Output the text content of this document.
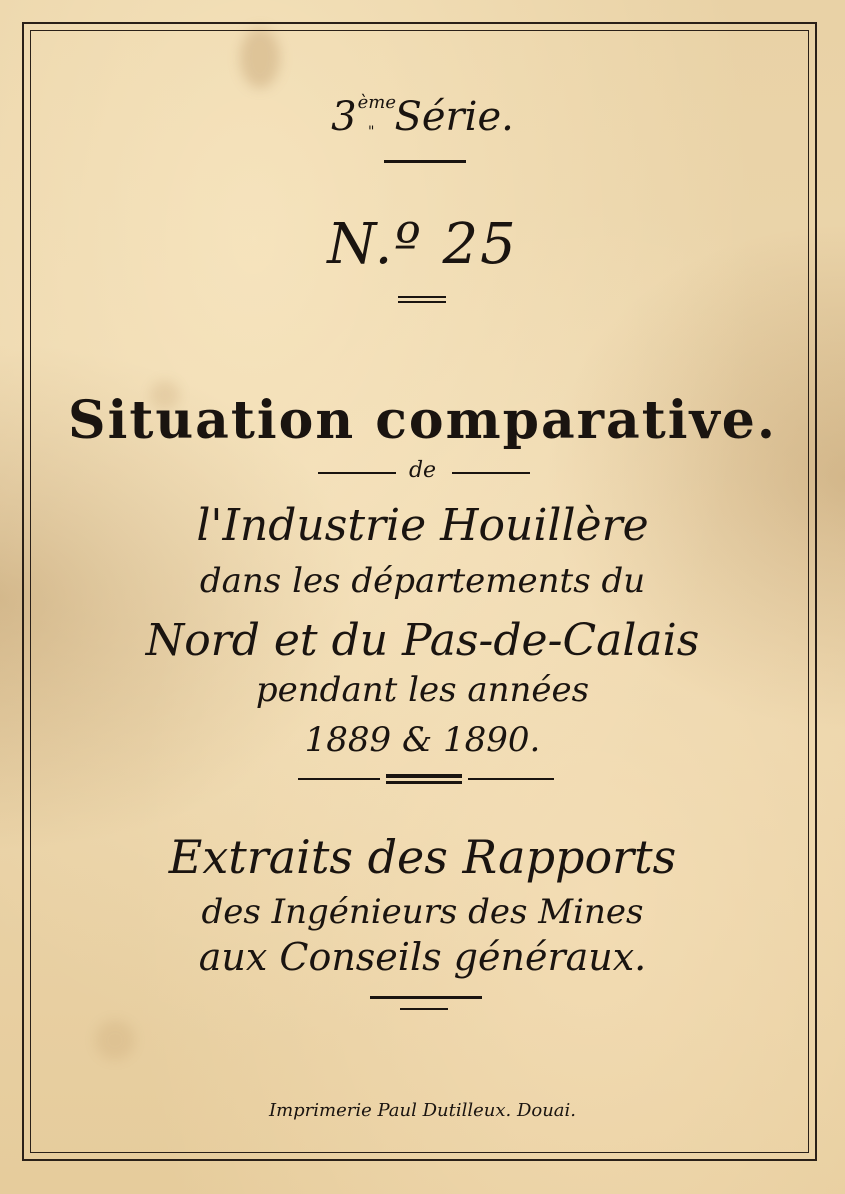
3ème" Série.
N.º 25
Situation comparative.
de
l'Industrie Houillère
dans les départements du
Nord et du Pas-de-Calais
pendant les années
1889 & 1890.
Extraits des Rapports
des Ingénieurs des Mines
aux Conseils généraux.
Imprimerie Paul Dutilleux. Douai.
